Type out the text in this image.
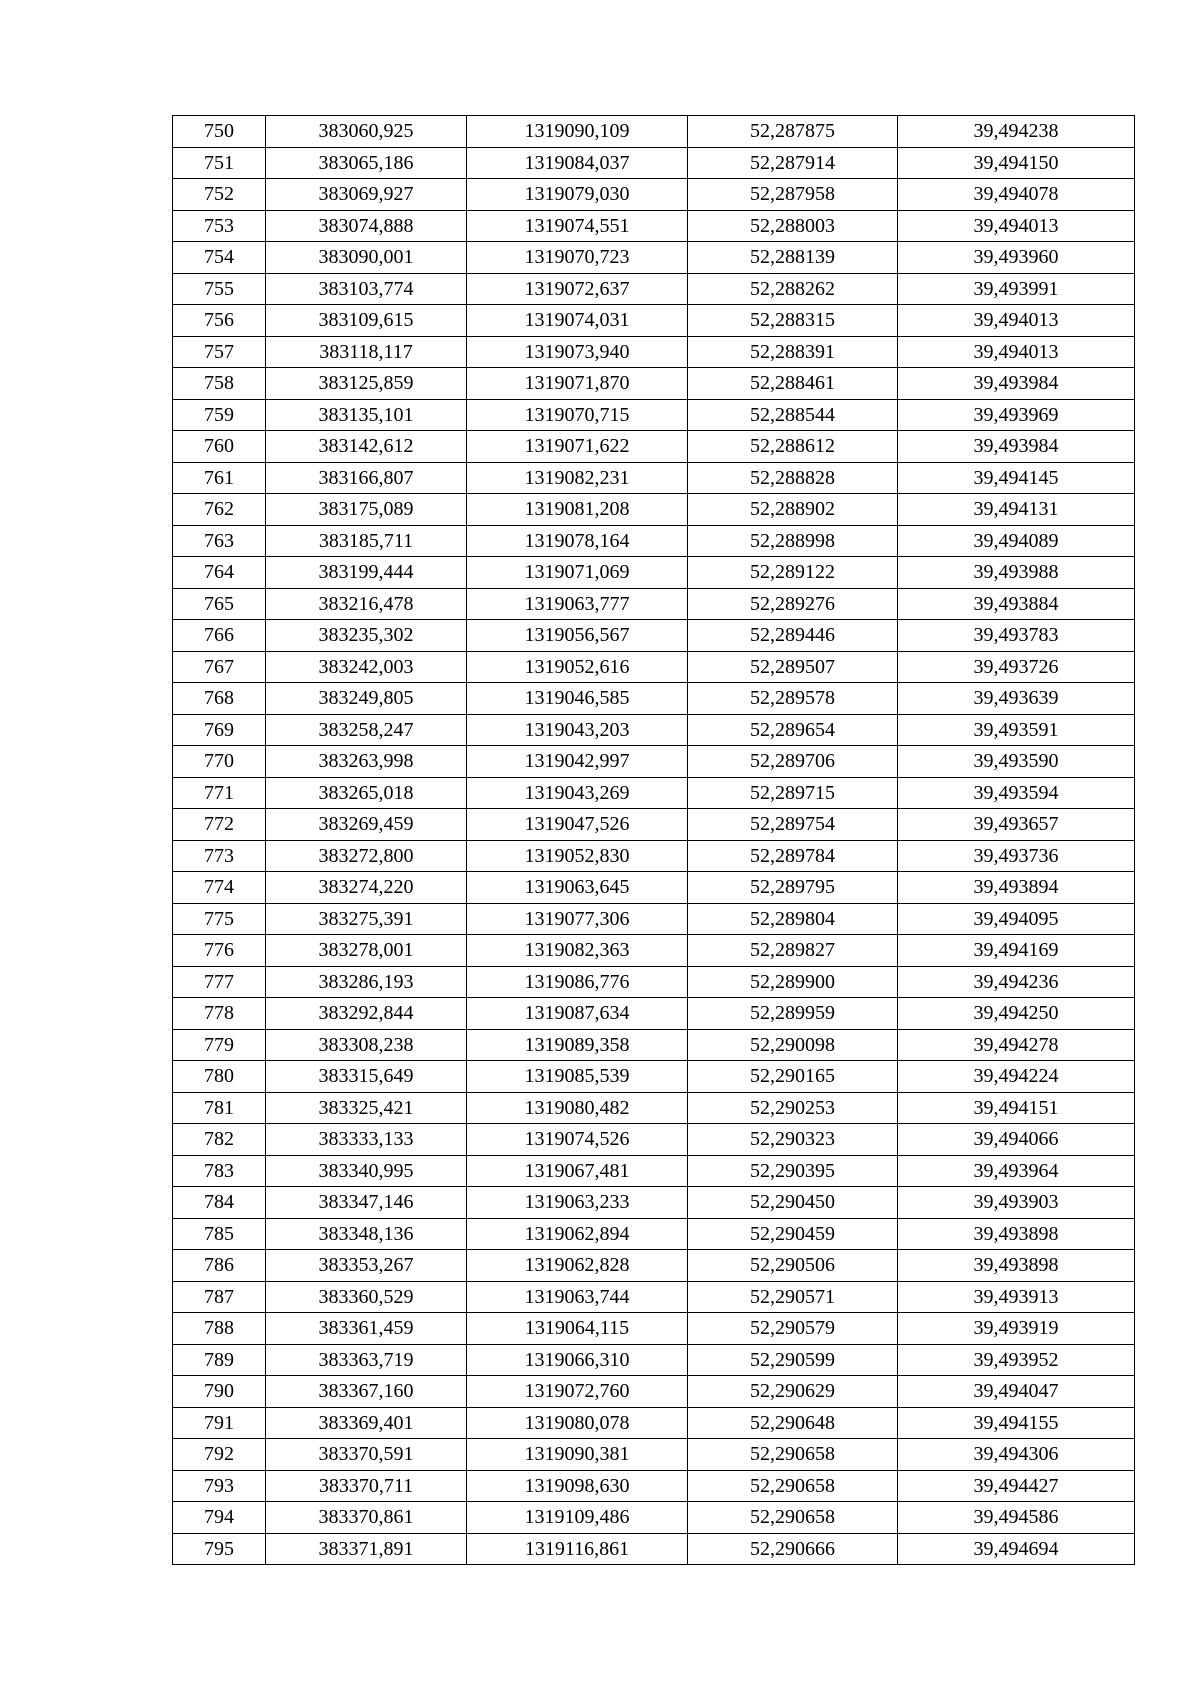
750	383060,925	1319090,109	52,287875	39,494238
751	383065,186	1319084,037	52,287914	39,494150
752	383069,927	1319079,030	52,287958	39,494078
753	383074,888	1319074,551	52,288003	39,494013
754	383090,001	1319070,723	52,288139	39,493960
755	383103,774	1319072,637	52,288262	39,493991
756	383109,615	1319074,031	52,288315	39,494013
757	383118,117	1319073,940	52,288391	39,494013
758	383125,859	1319071,870	52,288461	39,493984
759	383135,101	1319070,715	52,288544	39,493969
760	383142,612	1319071,622	52,288612	39,493984
761	383166,807	1319082,231	52,288828	39,494145
762	383175,089	1319081,208	52,288902	39,494131
763	383185,711	1319078,164	52,288998	39,494089
764	383199,444	1319071,069	52,289122	39,493988
765	383216,478	1319063,777	52,289276	39,493884
766	383235,302	1319056,567	52,289446	39,493783
767	383242,003	1319052,616	52,289507	39,493726
768	383249,805	1319046,585	52,289578	39,493639
769	383258,247	1319043,203	52,289654	39,493591
770	383263,998	1319042,997	52,289706	39,493590
771	383265,018	1319043,269	52,289715	39,493594
772	383269,459	1319047,526	52,289754	39,493657
773	383272,800	1319052,830	52,289784	39,493736
774	383274,220	1319063,645	52,289795	39,493894
775	383275,391	1319077,306	52,289804	39,494095
776	383278,001	1319082,363	52,289827	39,494169
777	383286,193	1319086,776	52,289900	39,494236
778	383292,844	1319087,634	52,289959	39,494250
779	383308,238	1319089,358	52,290098	39,494278
780	383315,649	1319085,539	52,290165	39,494224
781	383325,421	1319080,482	52,290253	39,494151
782	383333,133	1319074,526	52,290323	39,494066
783	383340,995	1319067,481	52,290395	39,493964
784	383347,146	1319063,233	52,290450	39,493903
785	383348,136	1319062,894	52,290459	39,493898
786	383353,267	1319062,828	52,290506	39,493898
787	383360,529	1319063,744	52,290571	39,493913
788	383361,459	1319064,115	52,290579	39,493919
789	383363,719	1319066,310	52,290599	39,493952
790	383367,160	1319072,760	52,290629	39,494047
791	383369,401	1319080,078	52,290648	39,494155
792	383370,591	1319090,381	52,290658	39,494306
793	383370,711	1319098,630	52,290658	39,494427
794	383370,861	1319109,486	52,290658	39,494586
795	383371,891	1319116,861	52,290666	39,494694
